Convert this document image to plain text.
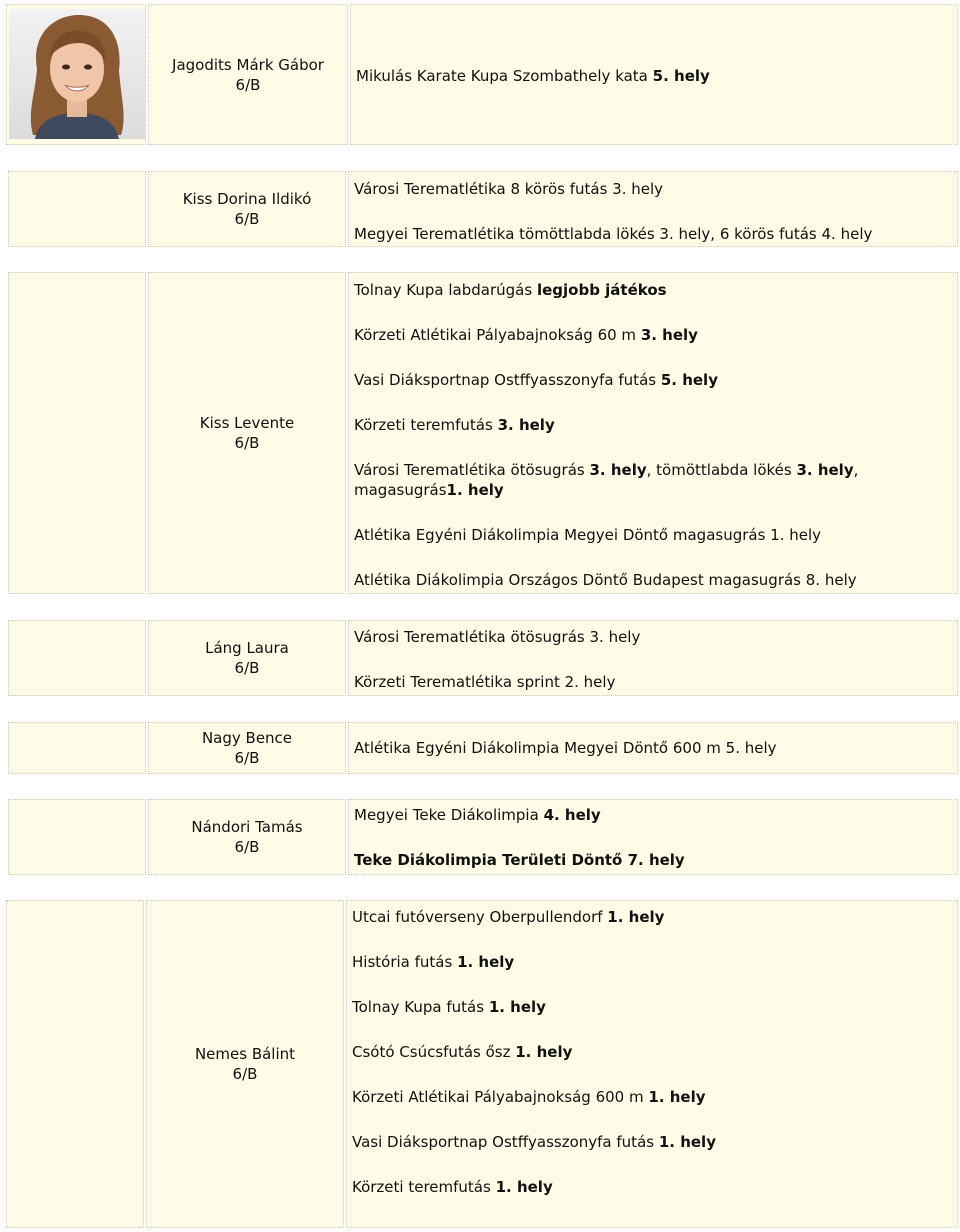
Jagodits Márk Gábor
6/B	Mikulás Karate Kupa Szombathely kata 5. hely
Kiss Dorina Ildikó
6/B
Városi Terematlétika 8 körös futás 3. hely
Megyei Terematlétika tömöttlabda lökés 3. hely, 6 körös futás 4. hely
Kiss Levente
6/B
Tolnay Kupa labdarúgás legjobb játékos
Körzeti Atlétikai Pályabajnokság 60 m 3. hely
Vasi Diáksportnap Ostffyasszonyfa futás 5. hely
Körzeti teremfutás 3. hely
Városi Terematlétika ötösugrás 3. hely, tömöttlabda lökés 3. hely, magasugrás1. hely
Atlétika Egyéni Diákolimpia Megyei Döntő magasugrás 1. hely
Atlétika Diákolimpia Országos Döntő Budapest magasugrás 8. hely
Láng Laura
6/B
Városi Terematlétika ötösugrás 3. hely
Körzeti Terematlétika sprint 2. hely
Nagy Bence
6/B
Atlétika Egyéni Diákolimpia Megyei Döntő 600 m 5. hely
Nándori Tamás
6/B
Megyei Teke Diákolimpia 4. hely
Teke Diákolimpia Területi Döntő 7. hely
Nemes Bálint
6/B
Utcai futóverseny Oberpullendorf 1. hely
História futás 1. hely
Tolnay Kupa futás 1. hely
Csótó Csúcsfutás ősz 1. hely
Körzeti Atlétikai Pályabajnokság 600 m 1. hely
Vasi Diáksportnap Ostffyasszonyfa futás 1. hely
Körzeti teremfutás 1. hely
